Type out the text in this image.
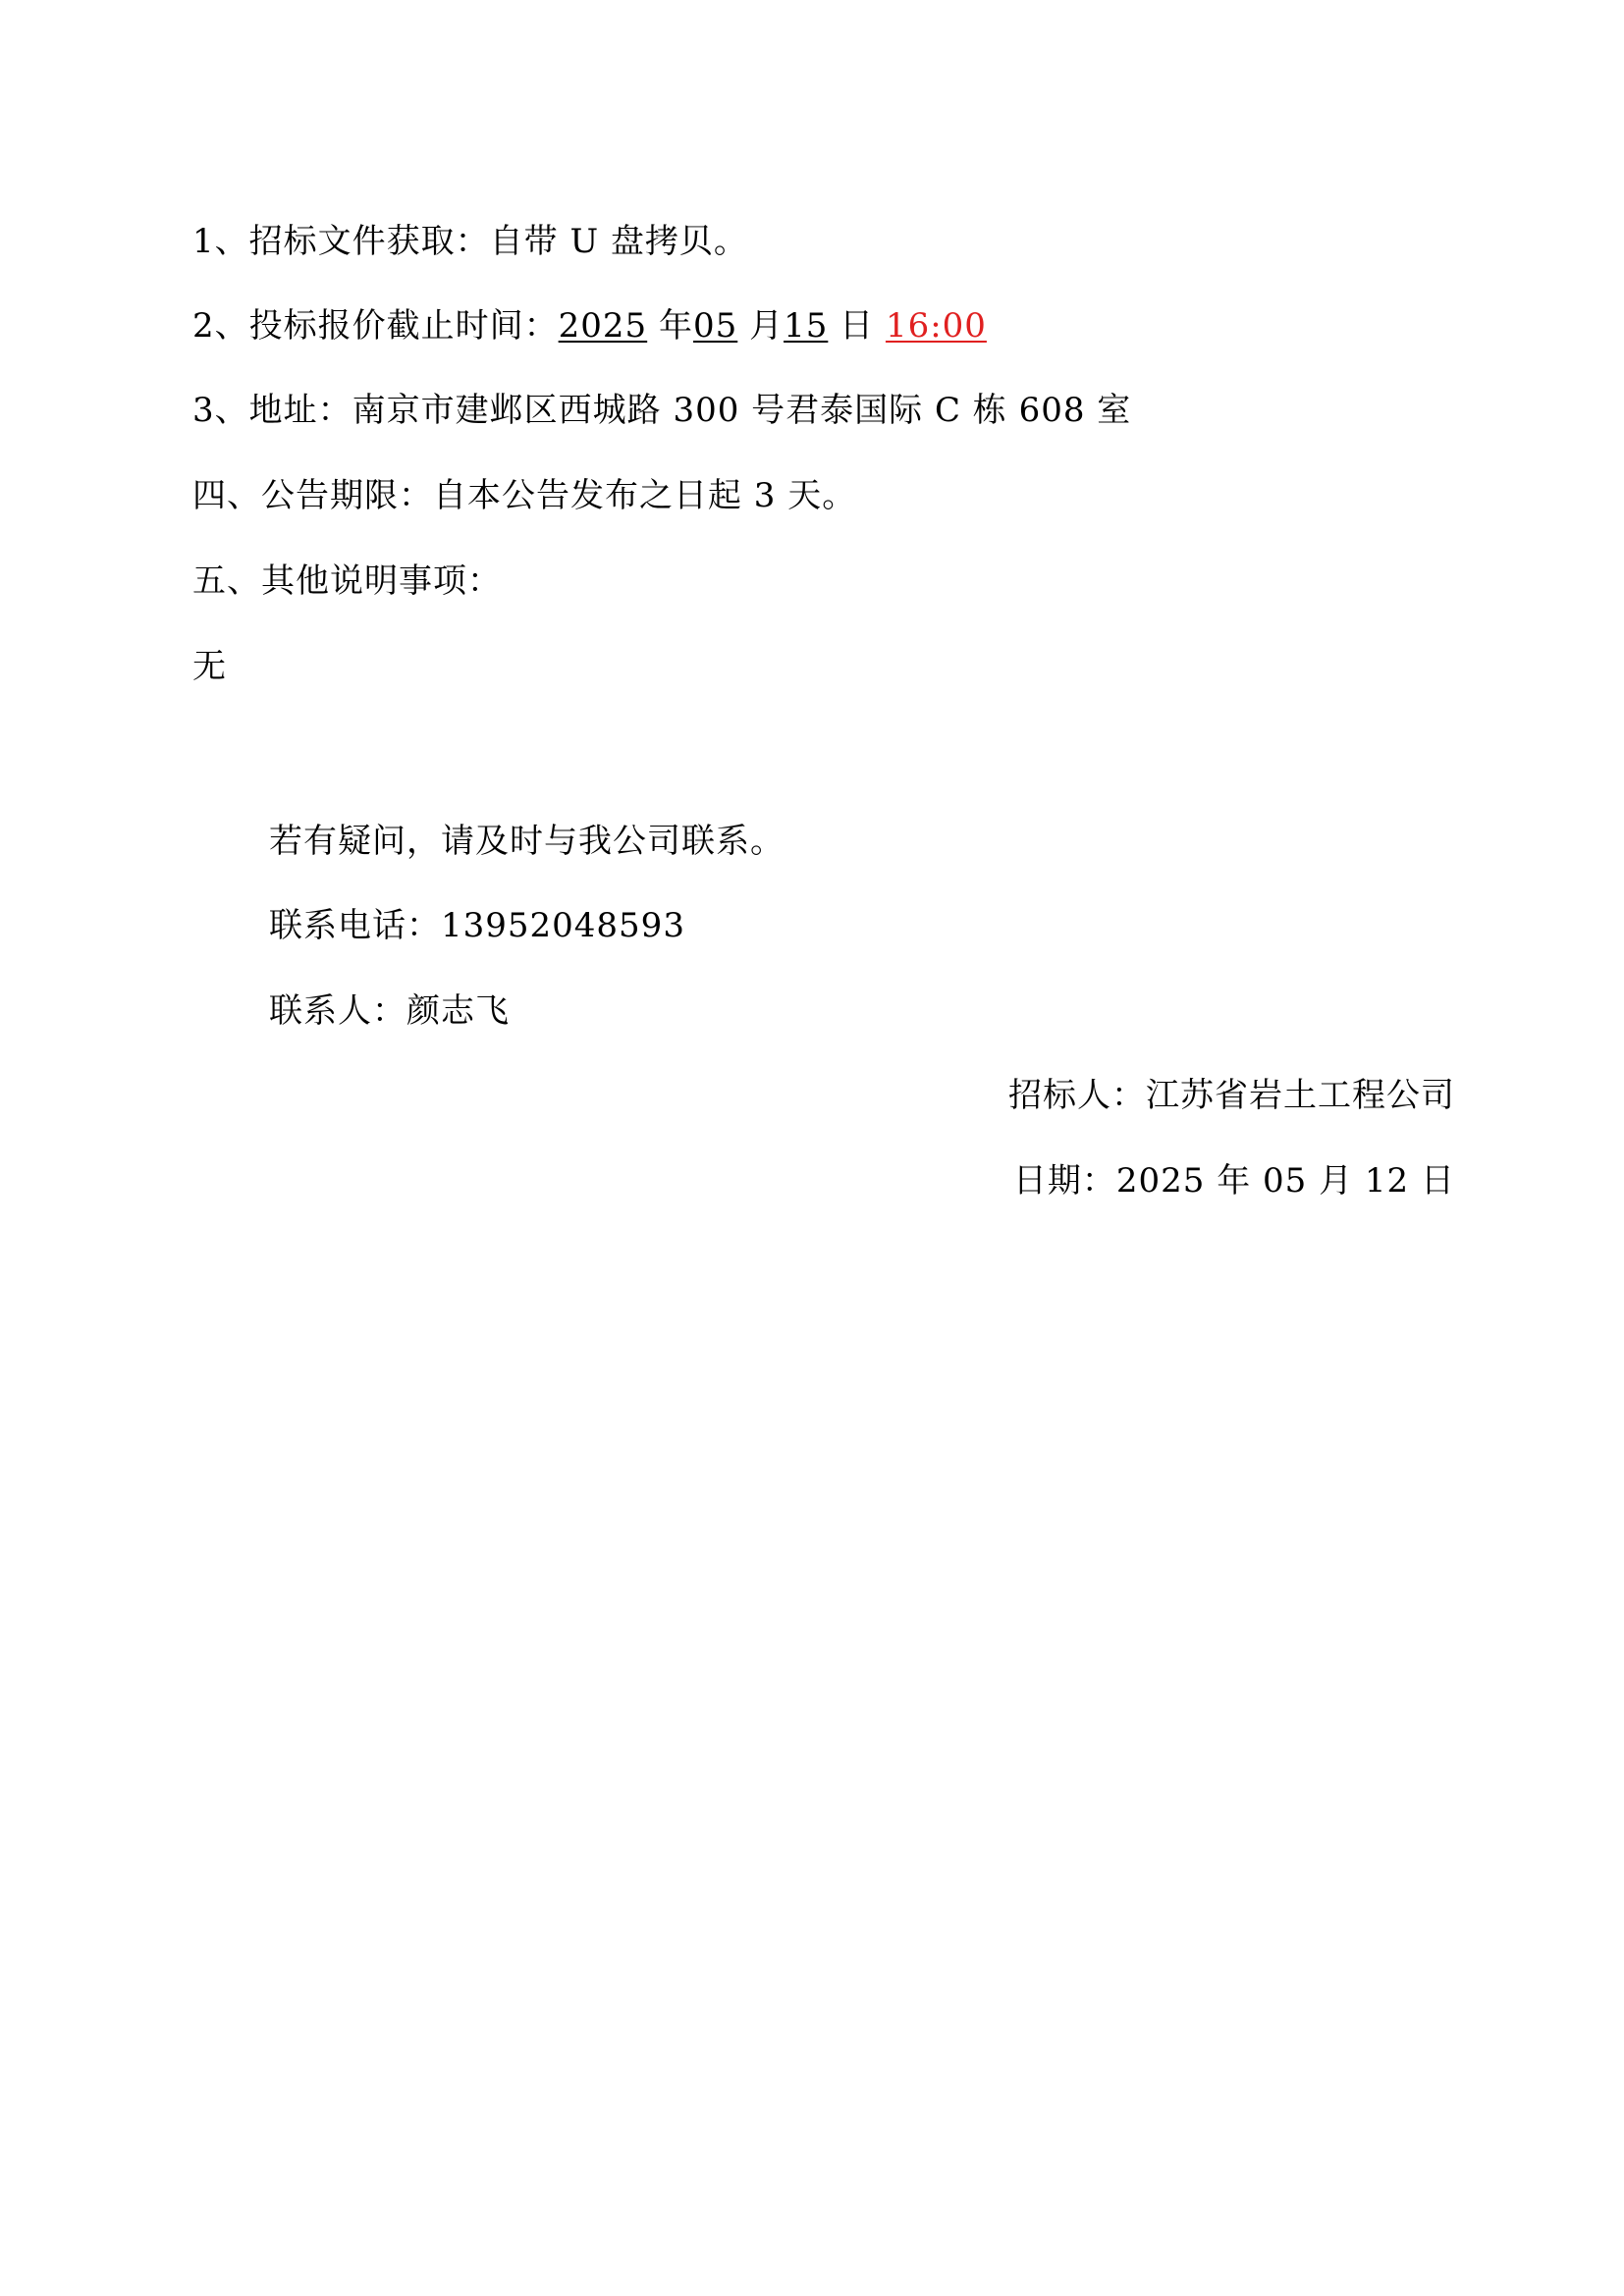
1、招标文件获取：自带 U 盘拷贝。
2、投标报价截止时间：2025 年05 月15 日 16:00
3、地址：南京市建邺区西城路 300 号君泰国际 C 栋 608 室
四、公告期限：自本公告发布之日起 3 天。
五、其他说明事项：
无
若有疑问，请及时与我公司联系。
联系电话：13952048593
联系人：颜志飞
招标人：江苏省岩土工程公司
日期：2025 年 05 月 12 日
